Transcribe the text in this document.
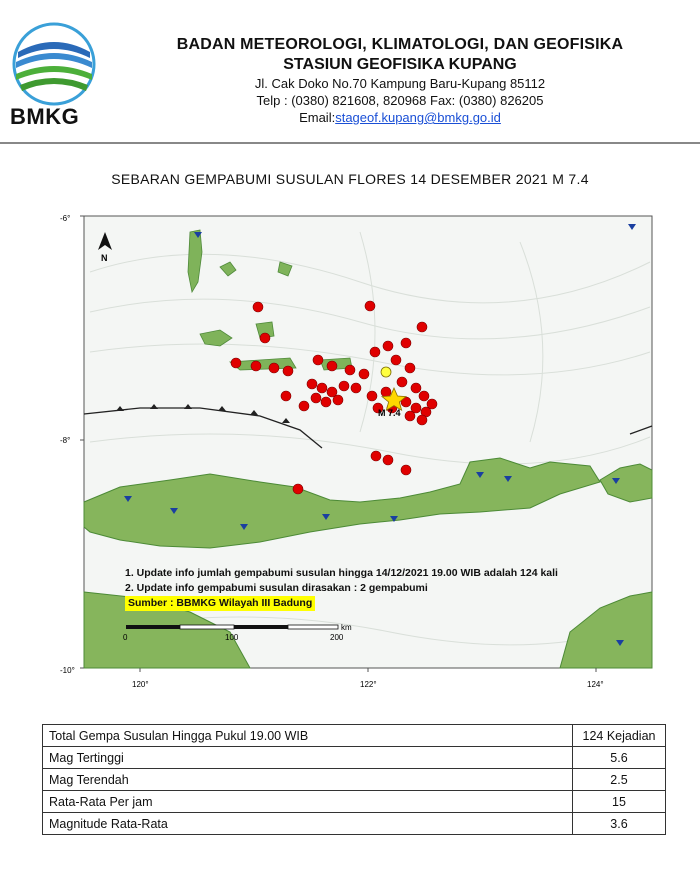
BMKG
BADAN METEOROLOGI, KLIMATOLOGI, DAN GEOFISIKA
STASIUN GEOFISIKA KUPANG
Jl. Cak Doko No.70 Kampung Baru-Kupang 85112
Telp : (0380) 821608, 820968 Fax: (0380) 826205
Email:stageof.kupang@bmkg.go.id
SEBARAN GEMPABUMI SUSULAN FLORES 14 DESEMBER 2021 M 7.4
M 7.4
N
0	100	200
km
-6°
-8°
-10°
120°	122°	124°
1. Update info jumlah gempabumi susulan hingga 14/12/2021 19.00 WIB adalah 124 kali
2. Update info gempabumi susulan dirasakan : 2 gempabumi
Sumber : BBMKG Wilayah III Badung
Total Gempa Susulan Hingga Pukul 19.00 WIB	124 Kejadian
Mag Tertinggi	5.6
Mag Terendah	2.5
Rata-Rata Per jam	15
Magnitude Rata-Rata	3.6
